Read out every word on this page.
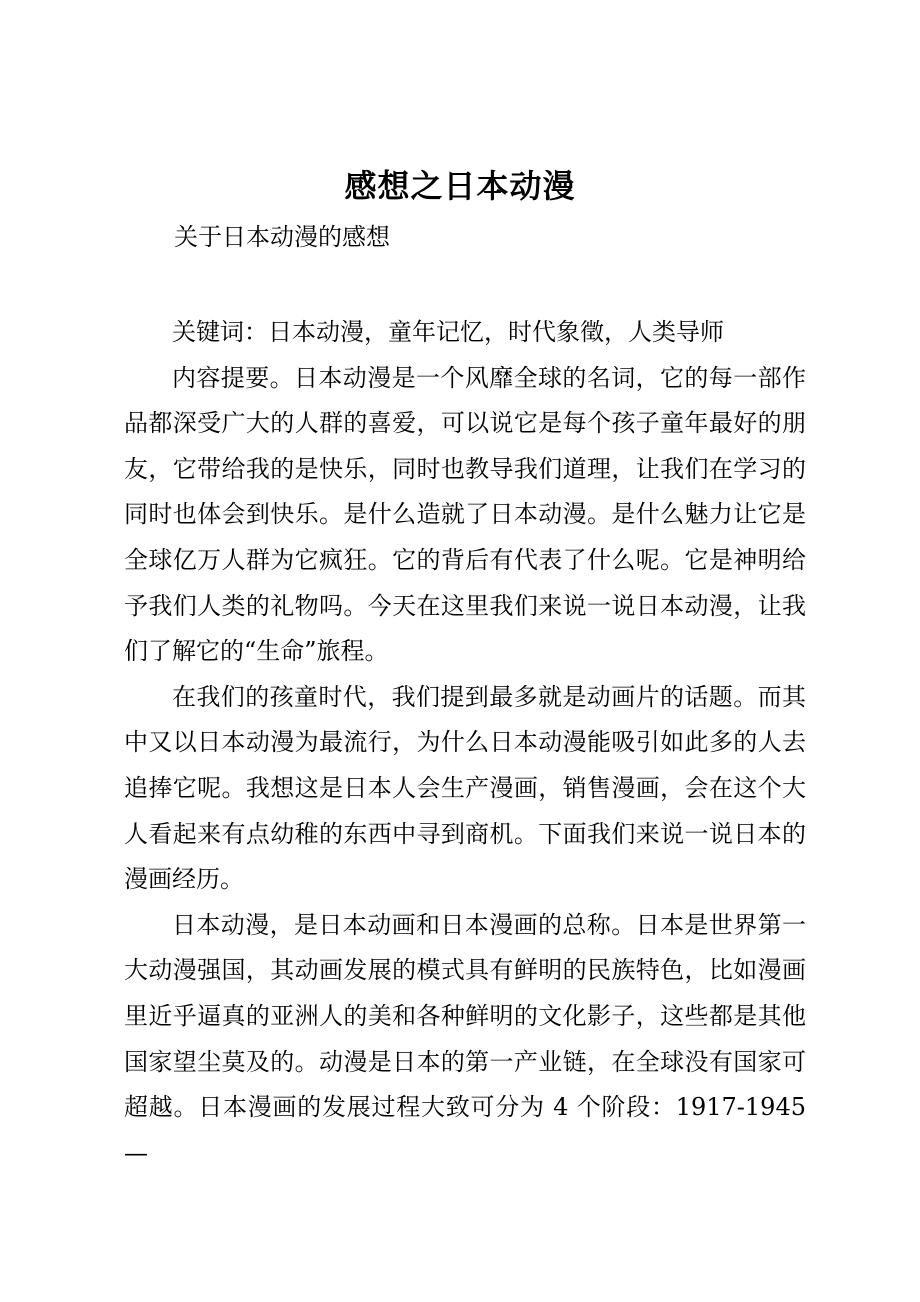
感想之日本动漫
关于日本动漫的感想

关键词：日本动漫，童年记忆，时代象徵，人类导师

内容提要。日本动漫是一个风靡全球的名词，它的每一部作品都深受广大的人群的喜爱，可以说它是每个孩子童年最好的朋友，它带给我的是快乐，同时也教导我们道理，让我们在学习的同时也体会到快乐。是什么造就了日本动漫。是什么魅力让它是全球亿万人群为它疯狂。它的背后有代表了什么呢。它是神明给予我们人类的礼物吗。今天在这里我们来说一说日本动漫，让我们了解它的“生命”旅程。

在我们的孩童时代，我们提到最多就是动画片的话题。而其中又以日本动漫为最流行，为什么日本动漫能吸引如此多的人去追捧它呢。我想这是日本人会生产漫画，销售漫画，会在这个大人看起来有点幼稚的东西中寻到商机。下面我们来说一说日本的漫画经历。

日本动漫，是日本动画和日本漫画的总称。日本是世界第一大动漫强国，其动画发展的模式具有鲜明的民族特色，比如漫画里近乎逼真的亚洲人的美和各种鲜明的文化影子，这些都是其他国家望尘莫及的。动漫是日本的第一产业链，在全球没有国家可超越。日本漫画的发展过程大致可分为 4 个阶段：1917-1945—
